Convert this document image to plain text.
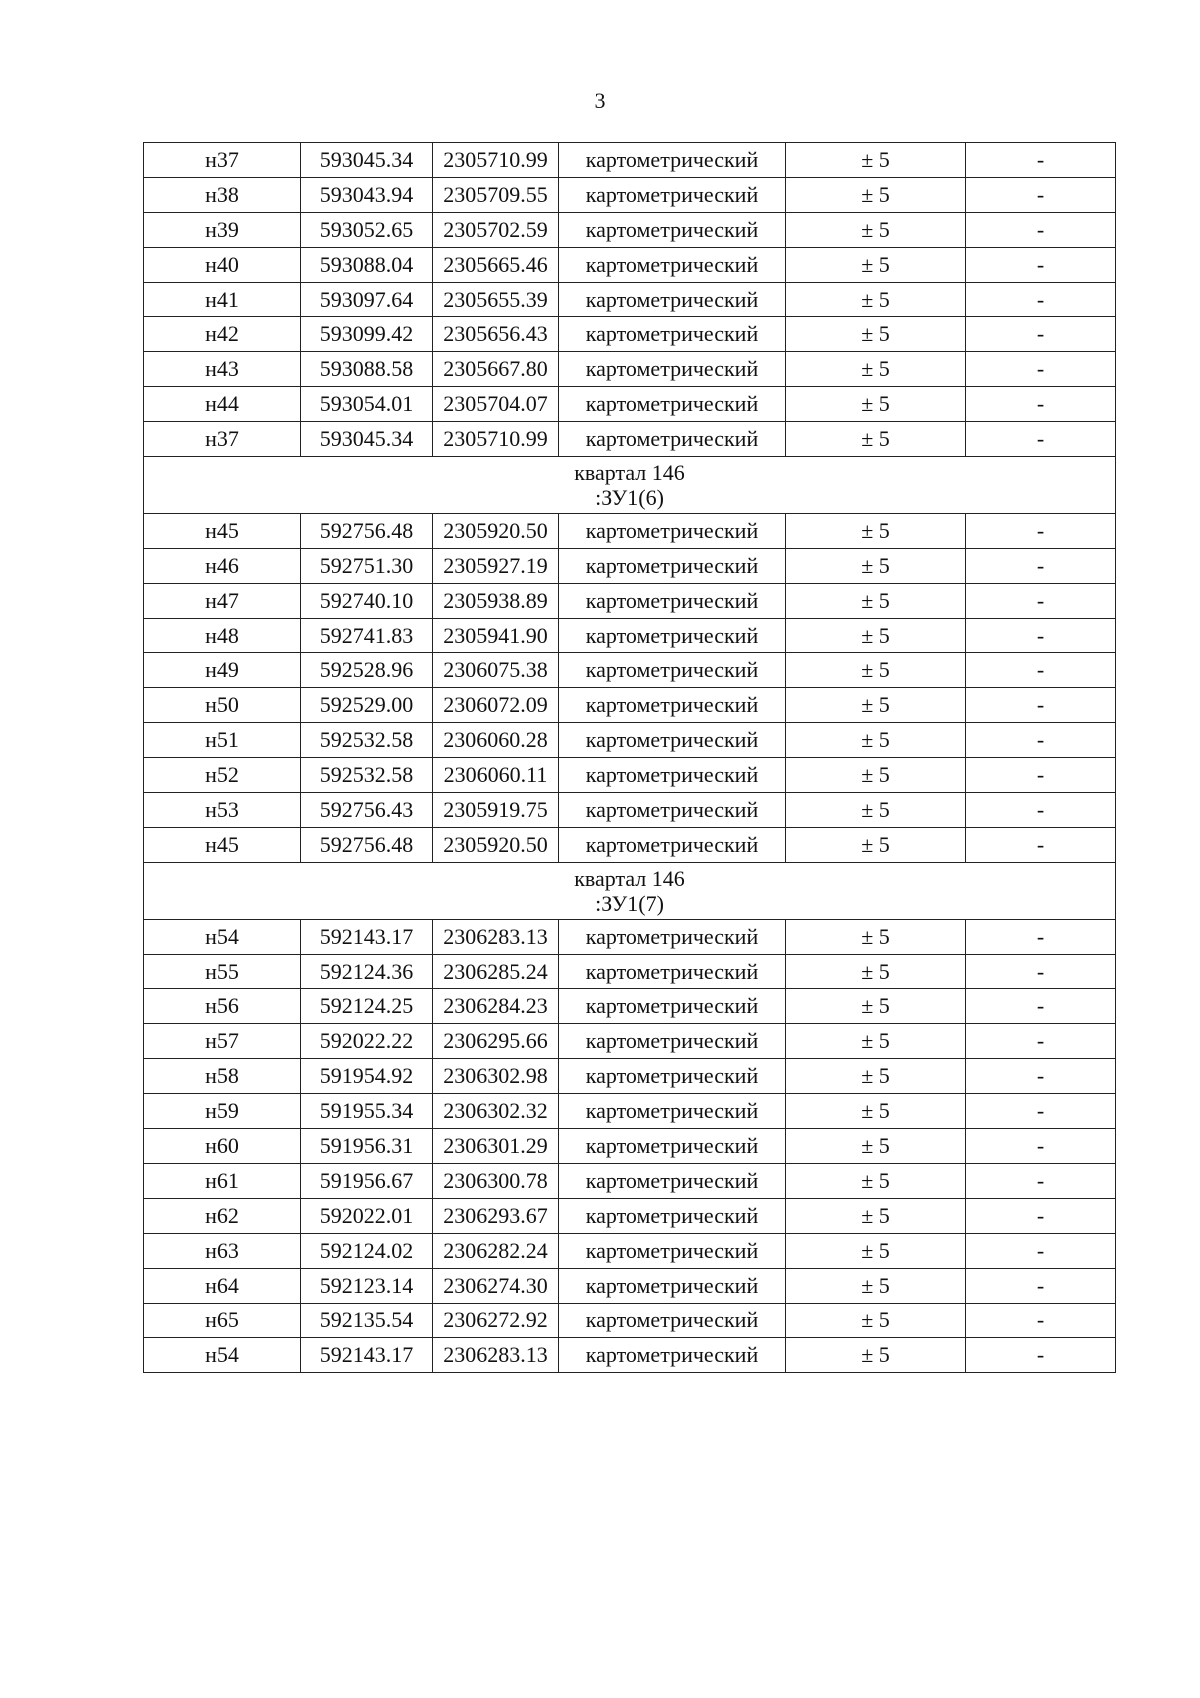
3
н37	593045.34	2305710.99	картометрический	± 5	-
н38	593043.94	2305709.55	картометрический	± 5	-
н39	593052.65	2305702.59	картометрический	± 5	-
н40	593088.04	2305665.46	картометрический	± 5	-
н41	593097.64	2305655.39	картометрический	± 5	-
н42	593099.42	2305656.43	картометрический	± 5	-
н43	593088.58	2305667.80	картометрический	± 5	-
н44	593054.01	2305704.07	картометрический	± 5	-
н37	593045.34	2305710.99	картометрический	± 5	-

квартал 146
:ЗУ1(6)					

н45	592756.48	2305920.50	картометрический	± 5	-
н46	592751.30	2305927.19	картометрический	± 5	-
н47	592740.10	2305938.89	картометрический	± 5	-
н48	592741.83	2305941.90	картометрический	± 5	-
н49	592528.96	2306075.38	картометрический	± 5	-
н50	592529.00	2306072.09	картометрический	± 5	-
н51	592532.58	2306060.28	картометрический	± 5	-
н52	592532.58	2306060.11	картометрический	± 5	-
н53	592756.43	2305919.75	картометрический	± 5	-
н45	592756.48	2305920.50	картометрический	± 5	-

квартал 146
:ЗУ1(7)					

н54	592143.17	2306283.13	картометрический	± 5	-
н55	592124.36	2306285.24	картометрический	± 5	-
н56	592124.25	2306284.23	картометрический	± 5	-
н57	592022.22	2306295.66	картометрический	± 5	-
н58	591954.92	2306302.98	картометрический	± 5	-
н59	591955.34	2306302.32	картометрический	± 5	-
н60	591956.31	2306301.29	картометрический	± 5	-
н61	591956.67	2306300.78	картометрический	± 5	-
н62	592022.01	2306293.67	картометрический	± 5	-
н63	592124.02	2306282.24	картометрический	± 5	-
н64	592123.14	2306274.30	картометрический	± 5	-
н65	592135.54	2306272.92	картометрический	± 5	-
н54	592143.17	2306283.13	картометрический	± 5	-
